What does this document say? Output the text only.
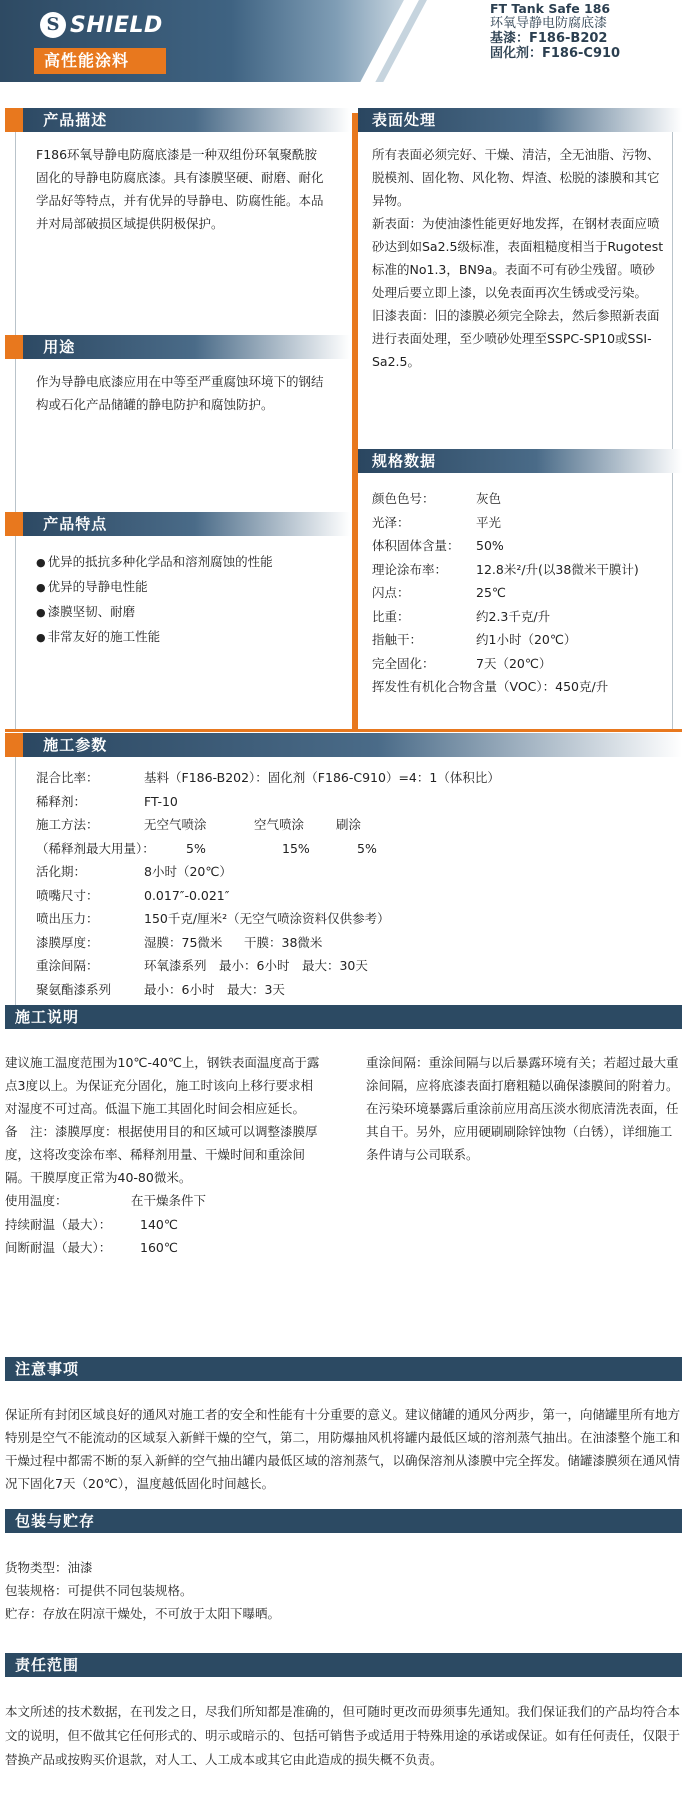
S SHIELD
高性能涂料
FT Tank Safe 186
环氧导静电防腐底漆
基漆：F186-B202
固化剂：F186-C910
产品描述
F186环氧导静电防腐底漆是一种双组份环氧聚酰胺固化的导静电防腐底漆。具有漆膜坚硬、耐磨、耐化学品好等特点，并有优异的导静电、防腐性能。本品并对局部破损区域提供阴极保护。
用途
作为导静电底漆应用在中等至严重腐蚀环境下的钢结构或石化产品储罐的静电防护和腐蚀防护。
产品特点
● 优异的抵抗多种化学品和溶剂腐蚀的性能
● 优异的导静电性能
● 漆膜坚韧、耐磨
● 非常友好的施工性能
表面处理

所有表面必须完好、干燥、清洁，全无油脂、污物、脱模剂、固化物、风化物、焊渣、松脱的漆膜和其它异物。

新表面：为使油漆性能更好地发挥，在钢材表面应喷砂达到如Sa2.5级标准，表面粗糙度相当于Rugotest标准的No1.3，BN9a。表面不可有砂尘残留。喷砂处理后要立即上漆，以免表面再次生锈或受污染。

旧漆表面：旧的漆膜必须完全除去，然后参照新表面进行表面处理，至少喷砂处理至SSPC-SP10或SSI-Sa2.5。

规格数据
颜色色号：	灰色
光泽：	平光
体积固体含量：	50%
理论涂布率：	12.8米²/升(以38微米干膜计)
闪点：	25℃
比重：	约2.3千克/升
指触干：	约1小时（20℃）
完全固化：	7天（20℃）
挥发性有机化合物含量（VOC）：450克/升
施工参数
混合比率：	基料（F186-B202）：固化剂（F186-C910）=4：1（体积比）
稀释剂：	FT-10
施工方法：	无空气喷涂	空气喷涂	刷涂
（稀释剂最大用量）：	5%	15%	5%
活化期：	8小时（20℃）
喷嘴尺寸：	0.017″-0.021″
喷出压力：	150千克/厘米²（无空气喷涂资料仅供参考）
漆膜厚度：	湿膜：75微米	干膜：38微米
重涂间隔：	环氧漆系列　最小：6小时　最大：30天
聚氨酯漆系列	最小：6小时　最大：3天
施工说明

建议施工温度范围为10℃-40℃上，钢铁表面温度高于露点3度以上。为保证充分固化，施工时该向上移行要求相对湿度不可过高。低温下施工其固化时间会相应延长。

备　注：漆膜厚度：根据使用目的和区域可以调整漆膜厚度，这将改变涂布率、稀释剂用量、干燥时间和重涂间隔。干膜厚度正常为40-80微米。

使用温度：	在干燥条件下
持续耐温（最大）：	140℃
间断耐温（最大）：	160℃
重涂间隔：重涂间隔与以后暴露环境有关；若超过最大重涂间隔，应将底漆表面打磨粗糙以确保漆膜间的附着力。在污染环境暴露后重涂前应用高压淡水彻底清洗表面，任其自干。另外，应用硬刷刷除锌蚀物（白锈），详细施工条件请与公司联系。
注意事项
保证所有封闭区域良好的通风对施工者的安全和性能有十分重要的意义。建议储罐的通风分两步，第一，向储罐里所有地方特别是空气不能流动的区域泵入新鲜干燥的空气，第二，用防爆抽风机将罐内最低区域的溶剂蒸气抽出。在油漆整个施工和干燥过程中都需不断的泵入新鲜的空气抽出罐内最低区域的溶剂蒸气，以确保溶剂从漆膜中完全挥发。储罐漆膜须在通风情况下固化7天（20℃），温度越低固化时间越长。
包装与贮存

货物类型：油漆

包装规格：可提供不同包装规格。

贮存：存放在阴凉干燥处，不可放于太阳下曝晒。

责任范围
本文所述的技术数据，在刊发之日，尽我们所知都是准确的，但可随时更改而毋须事先通知。我们保证我们的产品均符合本文的说明，但不做其它任何形式的、明示或暗示的、包括可销售予或适用于特殊用途的承诺或保证。如有任何责任，仅限于替换产品或按购买价退款，对人工、人工成本或其它由此造成的损失概不负责。
